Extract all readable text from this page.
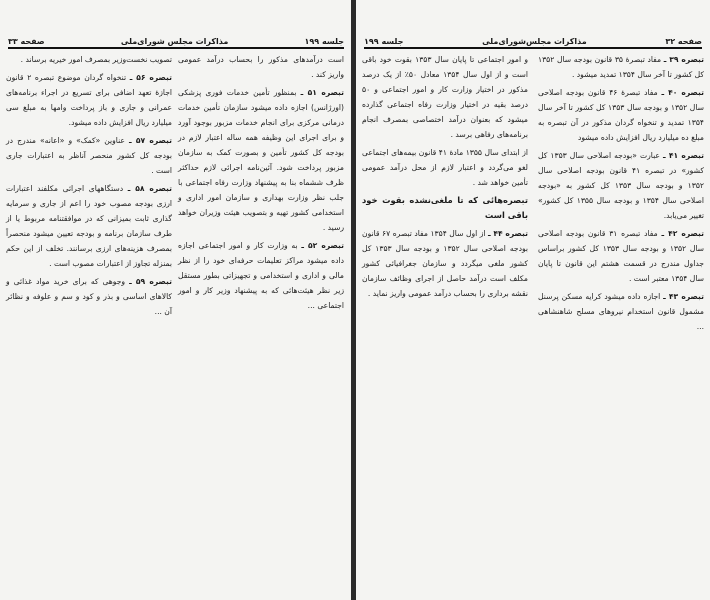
جلسه ۱۹۹
مذاکرات مجلس شورای‌ملی
صفحه ۳۳

است درآمدهای مذکور را بحساب درآمد عمومی واریز کند .

تبصره ۵۱ ـ بمنظور تأمین خدمات فوری پزشکی (اورژانس) اجازه داده میشود سازمان تأمین خدمات درمانی مرکزی برای انجام خدمات مزبور بوجود آورد و برای اجرای این وظیفه همه ساله اعتبار لازم در بودجه کل کشور تأمین و بصورت کمک به سازمان مزبور پرداخت شود. آئین‌نامه اجرائی لازم حداکثر ظرف ششماه بنا به پیشنهاد وزارت رفاه اجتماعی با جلب نظر وزارت بهداری و سازمان امور اداری و استخدامی کشور تهیه و بتصویب هیئت وزیران خواهد رسید .

تبصره ۵۲ ـ به وزارت کار و امور اجتماعی اجازه داده میشود مراکز تعلیمات حرفه‌ای خود را از نظر مالی و اداری و استخدامی و تجهیزاتی بطور مستقل زیر نظر هیئت‌هائی که به پیشنهاد وزیر کار و امور اجتماعی ...

تصویب نخست‌وزیر بمصرف امور خیریه برساند .

تبصره ۵۶ ـ تنخواه گردان موضوع تبصره ۲ قانون اجازهٔ تعهد اضافی برای تسریع در اجراء برنامه‌های عمرانی و جاری و باز پرداخت وامها به مبلغ سی میلیارد ریال افزایش داده میشود.

تبصره ۵۷ ـ عناوین «کمک» و «اعانه» مندرج در بودجه کل کشور منحصر آناظر به اعتبارات جاری است .

تبصره ۵۸ ـ دستگاههای اجرائی مکلفند اعتبارات ارزی بودجه مصوب خود را اعم از جاری و سرمایه گذاری ثابت بمیزانی که در موافقتنامه مربوط یا از طرف سازمان برنامه و بودجه تعیین میشود منحصراً بمصرف هزینه‌های ارزی برسانند. تخلف از این حکم بمنزله تجاوز از اعتبارات مصوب است .

تبصره ۵۹ ـ وجوهی که برای خرید مواد غذائی و کالاهای اساسی و بذر و کود و سم و علوفه و نظائر آن ...

صفحه ۳۲
مذاکرات مجلس‌شورای‌ملی
جلسه ۱۹۹

تبصره ۳۹ ـ مفاد تبصرهٔ ۳۵ قانون بودجه سال ۱۳۵۲ کل کشور تا آخر سال ۱۳۵۴ تمدید میشود .

تبصره ۴۰ ـ مفاد تبصرهٔ ۴۶ قانون بودجه اصلاحی سال ۱۳۵۲ و بودجه سال ۱۳۵۳ کل کشور تا آخر سال ۱۳۵۴ تمدید و تنخواه گردان مذکور در آن تبصره به مبلغ ده میلیارد ریال افزایش داده میشود

تبصره ۴۱ ـ عبارت «بودجه اصلاحی سال ۱۳۵۳ کل کشور» در تبصره ۴۱ قانون بودجه اصلاحی سال ۱۳۵۲ و بودجه سال ۱۳۵۳ کل کشور به «بودجه اصلاحی سال ۱۳۵۴ و بودجه سال ۱۳۵۵ کل کشور» تغییر می‌یابد.

تبصره ۴۲ ـ مفاد تبصره ۳۱ قانون بودجه اصلاحی سال ۱۳۵۲ و بودجه سال ۱۳۵۳ کل کشور براساس جداول مندرج در قسمت هشتم این قانون تا پایان سال ۱۳۵۴ معتبر است .

تبصره ۴۳ ـ اجازه داده میشود کرایه مسکن پرسنل مشمول قانون استخدام نیروهای مسلح شاهنشاهی ...

و امور اجتماعی تا پایان سال ۱۳۵۳ بقوت خود باقی است و از اول سال ۱۳۵۴ معادل ۵۰٪ از یک درصد مذکور در اختیار وزارت کار و امور اجتماعی و ۵۰ درصد بقیه در اختیار وزارت رفاه اجتماعی گذارده میشود که بعنوان درآمد اختصاصی بمصرف انجام برنامه‌های رفاهی برسد .

از ابتدای سال ۱۳۵۵ مادهٔ ۴۱ قانون بیمه‌های اجتماعی لغو می‌گردد و اعتبار لازم از محل درآمد عمومی تأمین خواهد شد .

تبصره‌هائی که تا ملغی‌نشده بقوت خود باقی است

تبصره ۴۴ ـ از اول سال ۱۳۵۴ مفاد تبصره ۶۷ قانون بودجه اصلاحی سال ۱۳۵۲ و بودجه سال ۱۳۵۳ کل کشور ملغی میگردد و سازمان جغرافیائی کشور مکلف است درآمد حاصل از اجرای وظائف سازمان نقشه برداری را بحساب درآمد عمومی واریز نماید .
